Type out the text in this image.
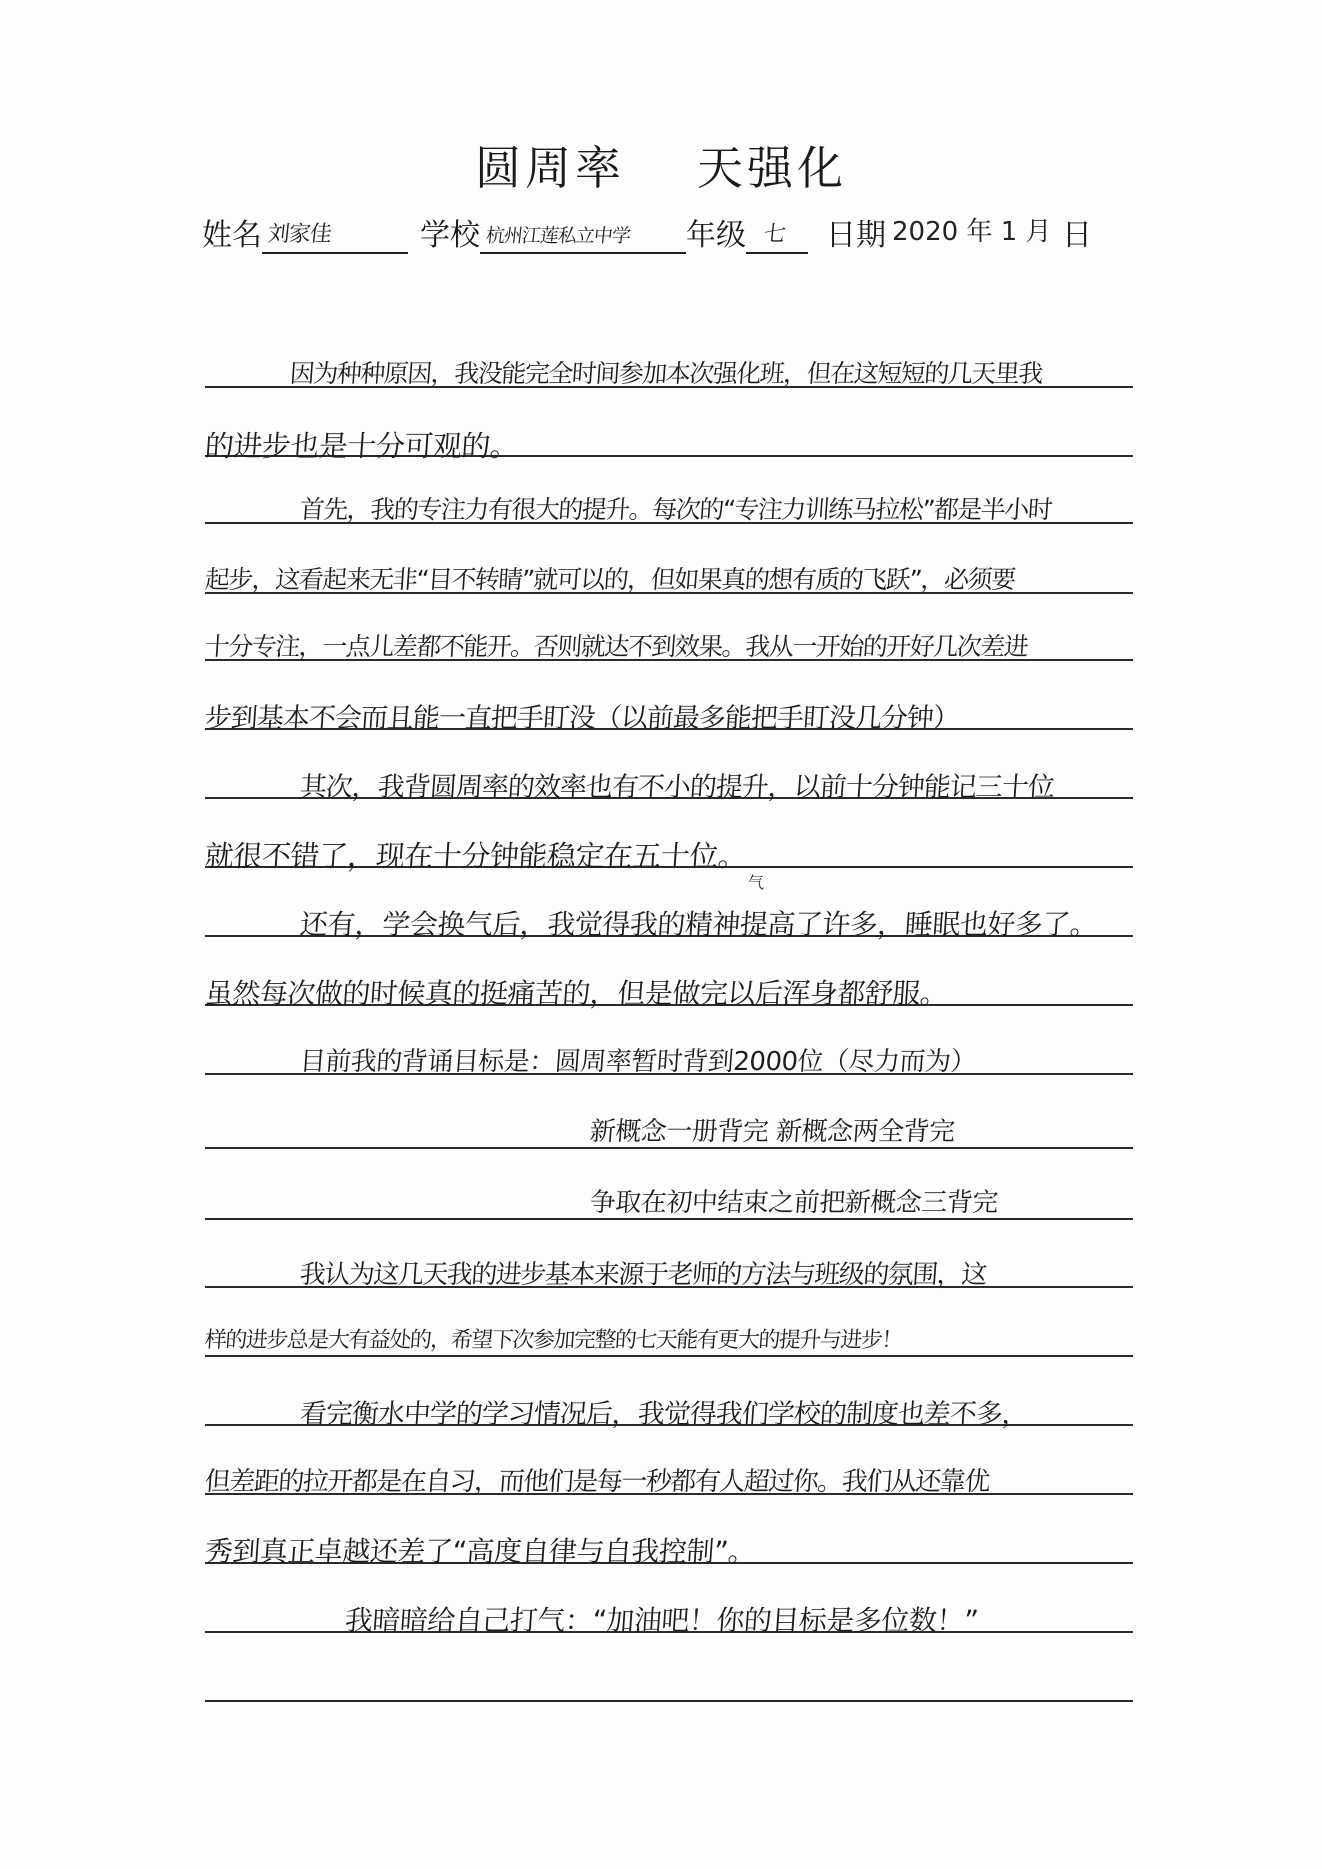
圆周率 天强化
姓名 刘家佳	学校 杭州江莲私立中学 年级 七 日期 2020 年 1 月 日
因为种种原因，我没能完全时间参加本次强化班，但在这短短的几天里我
的进步也是十分可观的。
首先，我的专注力有很大的提升。每次的“专注力训练马拉松”都是半小时
起步，这看起来无非“目不转睛”就可以的，但如果真的想有质的飞跃”，必须要
十分专注，一点儿差都不能开。否则就达不到效果。我从一开始的开好几次差进
步到基本不会而且能一直把手盯没（以前最多能把手盯没几分钟）
其次，我背圆周率的效率也有不小的提升，以前十分钟能记三十位
就很不错了，现在十分钟能稳定在五十位。
气
还有，学会换气后，我觉得我的精神提高了许多，睡眠也好多了。
虽然每次做的时候真的挺痛苦的，但是做完以后浑身都舒服。
目前我的背诵目标是：圆周率暂时背到2000位（尽力而为）
新概念一册背完 新概念两全背完
争取在初中结束之前把新概念三背完
我认为这几天我的进步基本来源于老师的方法与班级的氛围，这
样的进步总是大有益处的，希望下次参加完整的七天能有更大的提升与进步！
看完衡水中学的学习情况后，我觉得我们学校的制度也差不多，
但差距的拉开都是在自习，而他们是每一秒都有人超过你。我们从还靠优
秀到真正卓越还差了“高度自律与自我控制”。
我暗暗给自己打气：“加油吧！你的目标是多位数！”
